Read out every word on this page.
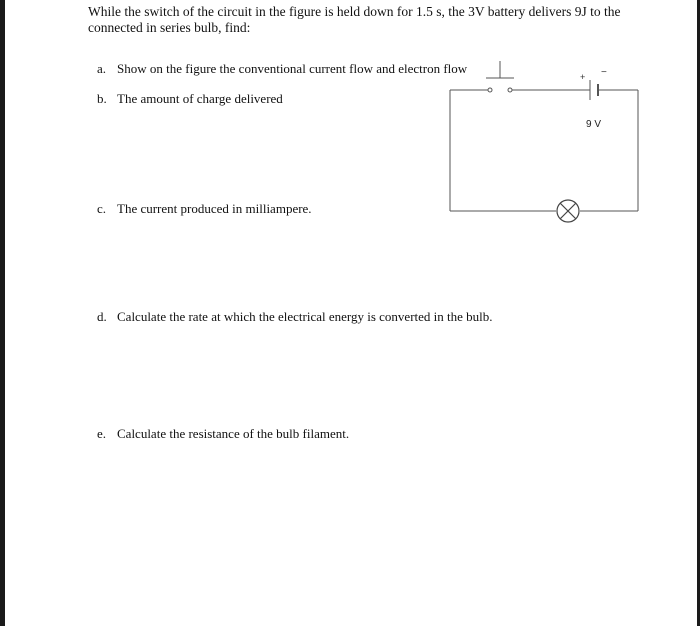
While the switch of the circuit in the figure is held down for 1.5 s, the 3V battery delivers 9J to the
connected in series bulb, find:
a. Show on the figure the conventional current flow and electron flow
b. The amount of charge delivered
c. The current produced in milliampere.
d. Calculate the rate at which the electrical energy is converted in the bulb.
e. Calculate the resistance of the bulb filament.
+ −
9 V
